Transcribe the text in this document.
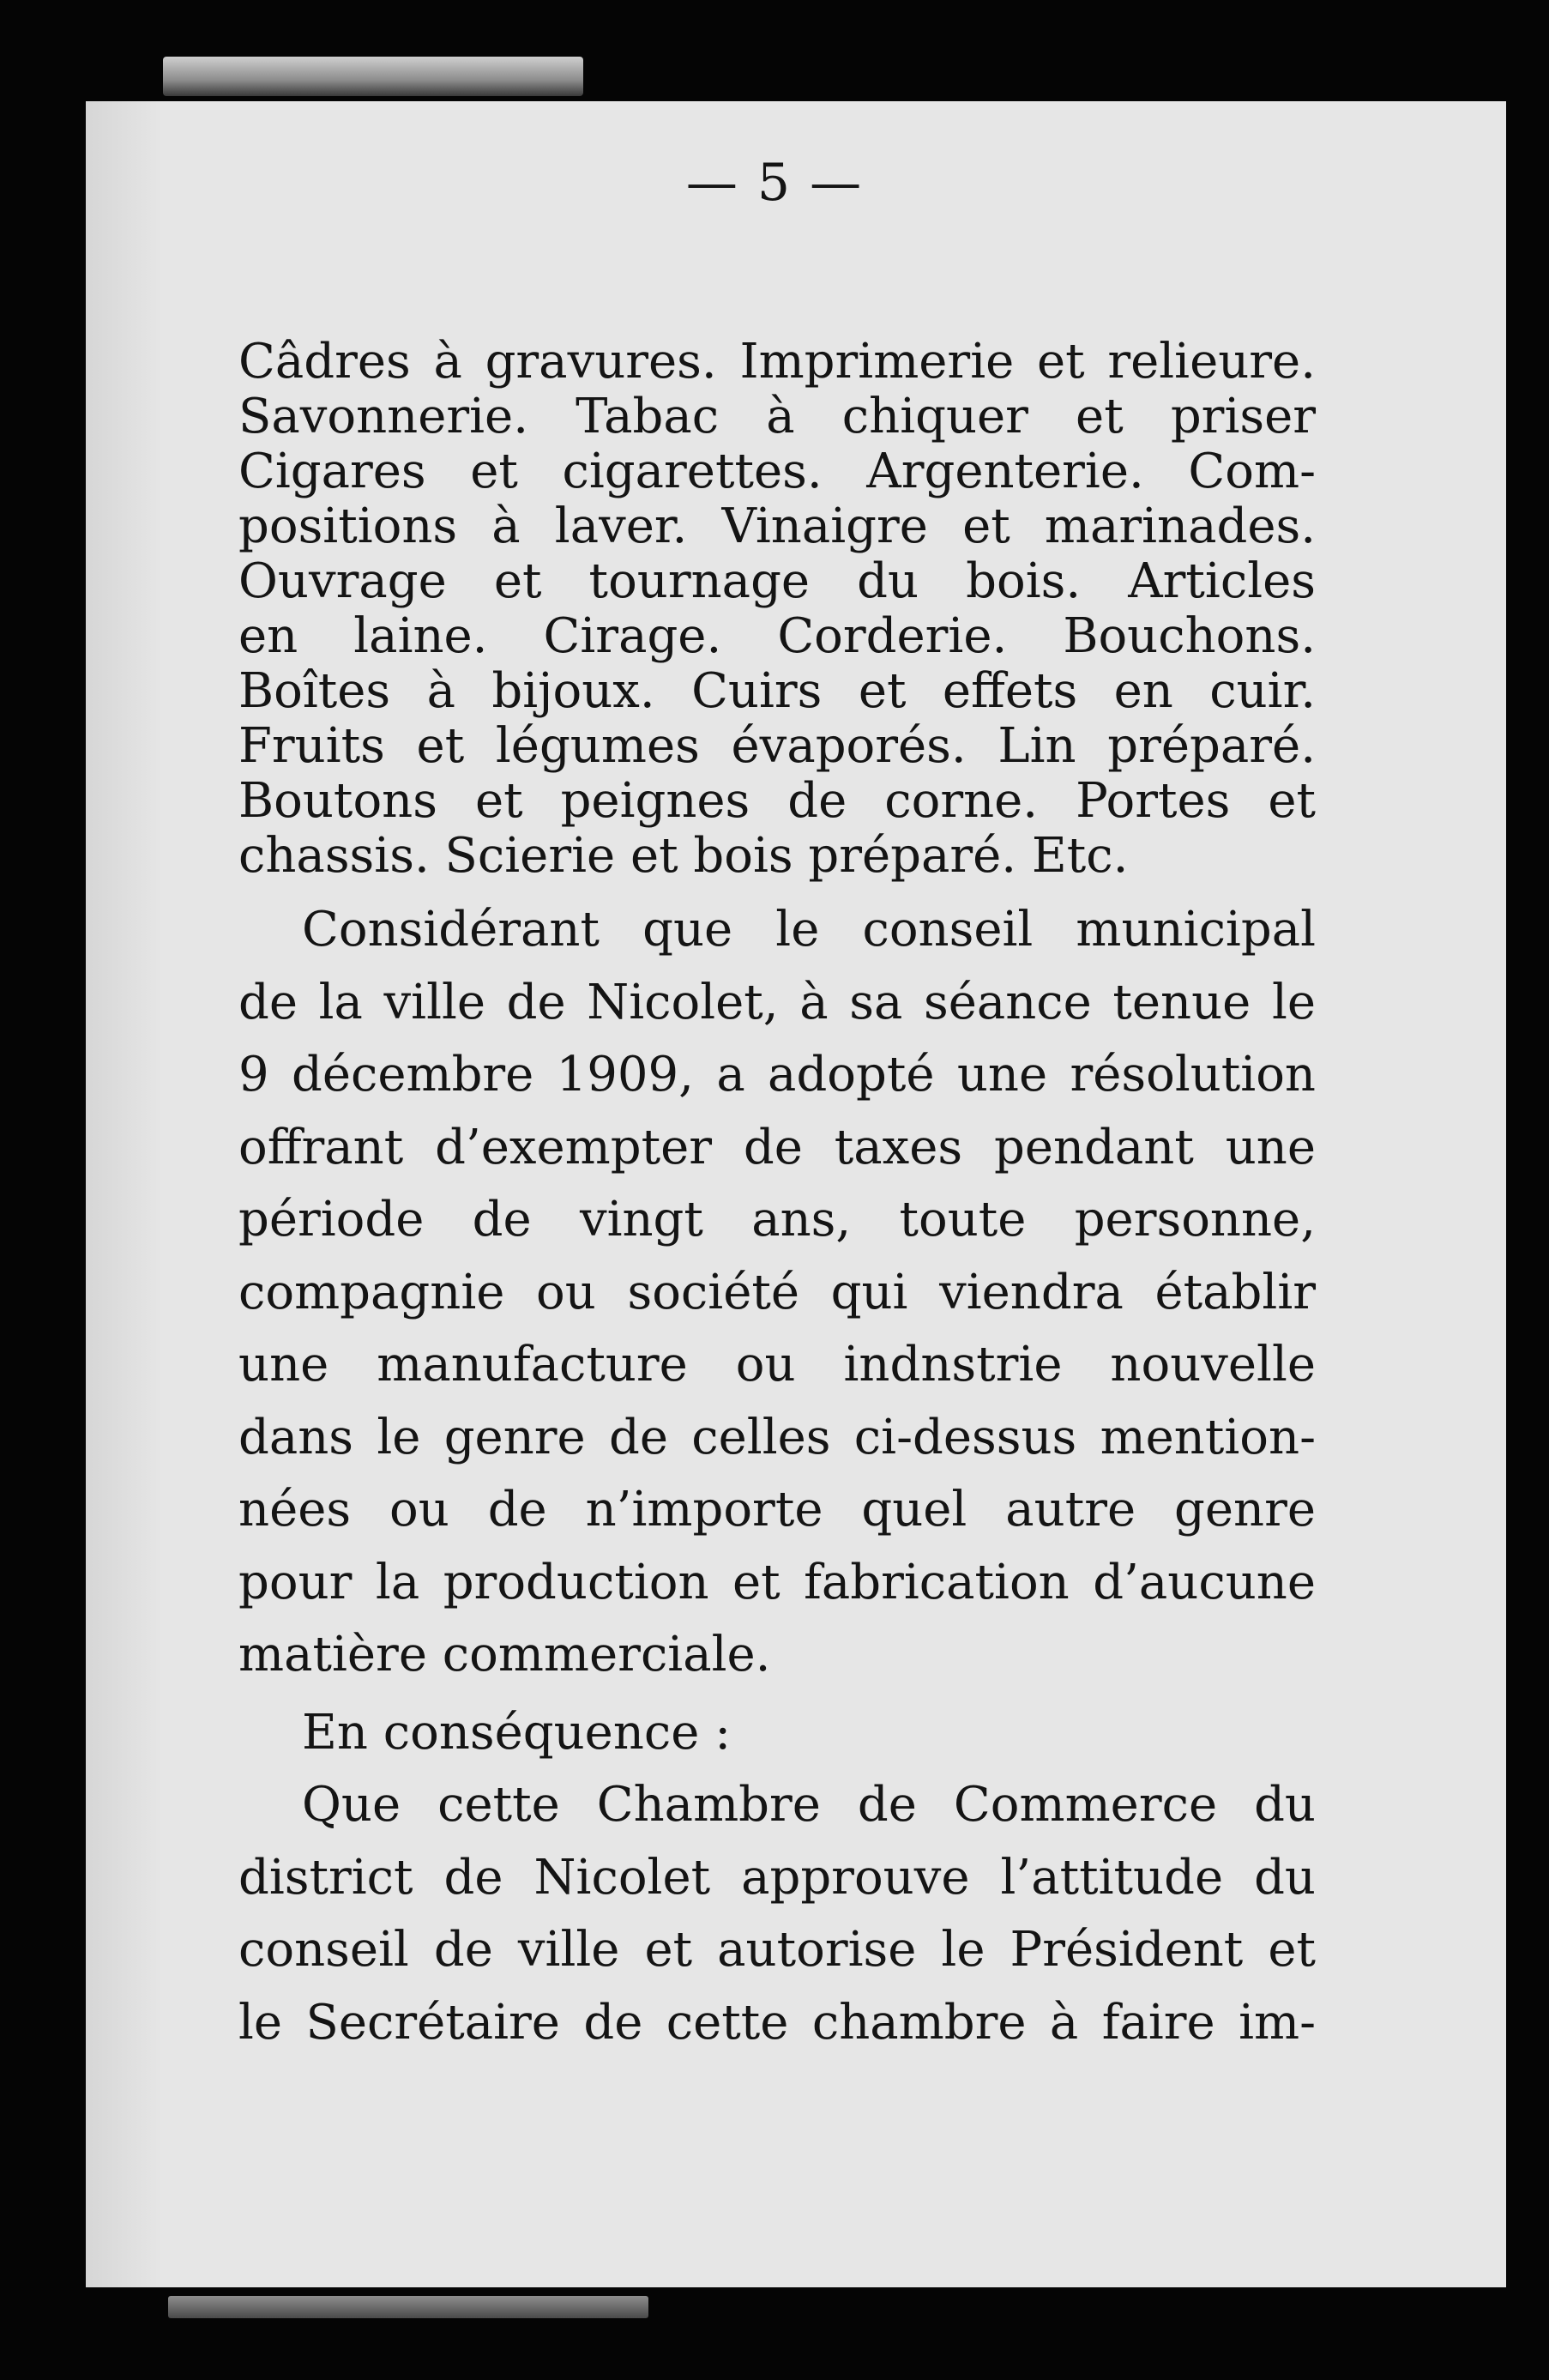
— 5 —

Câdres à gravures. Imprimerie et relieure.

Savonnerie. Tabac à chiquer et priser

Cigares et cigarettes. Argenterie. Com-

positions à laver. Vinaigre et marinades.

Ouvrage et tournage du bois. Articles

en laine. Cirage. Corderie. Bouchons.

Boîtes à bijoux. Cuirs et effets en cuir.

Fruits et légumes évaporés. Lin préparé.

Boutons et peignes de corne. Portes et

chassis. Scierie et bois préparé. Etc.

Considérant que le conseil municipal

de la ville de Nicolet, à sa séance tenue le

9 décembre 1909, a adopté une résolution

offrant d’exempter de taxes pendant une

période de vingt ans, toute personne,

compagnie ou société qui viendra établir

une manufacture ou indnstrie nouvelle

dans le genre de celles ci-dessus mention-

nées ou de n’importe quel autre genre

pour la production et fabrication d’aucune

matière commerciale.

En conséquence :

Que cette Chambre de Commerce du

district de Nicolet approuve l’attitude du

conseil de ville et autorise le Président et

le Secrétaire de cette chambre à faire im-
